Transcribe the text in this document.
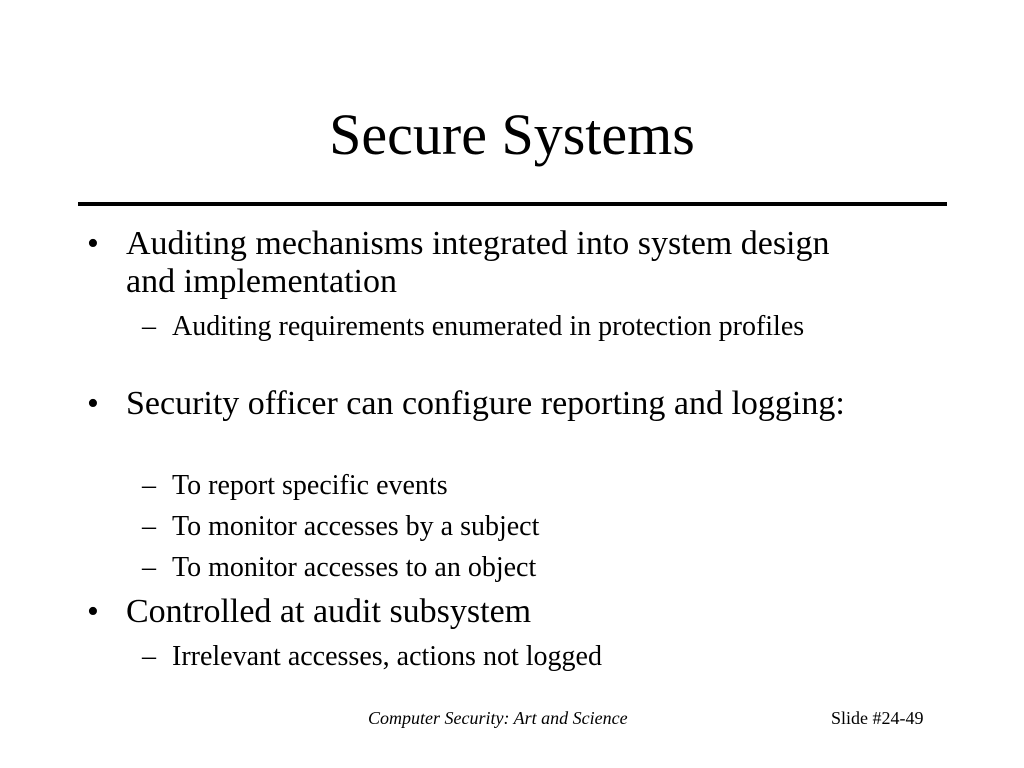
Secure Systems
• Auditing mechanisms integrated into system design and implementation
– Auditing requirements enumerated in protection profiles
• Security officer can configure reporting and logging:
– To report specific events
– To monitor accesses by a subject
– To monitor accesses to an object
• Controlled at audit subsystem
– Irrelevant accesses, actions not logged
Computer Security: Art and Science	Slide #24-49
